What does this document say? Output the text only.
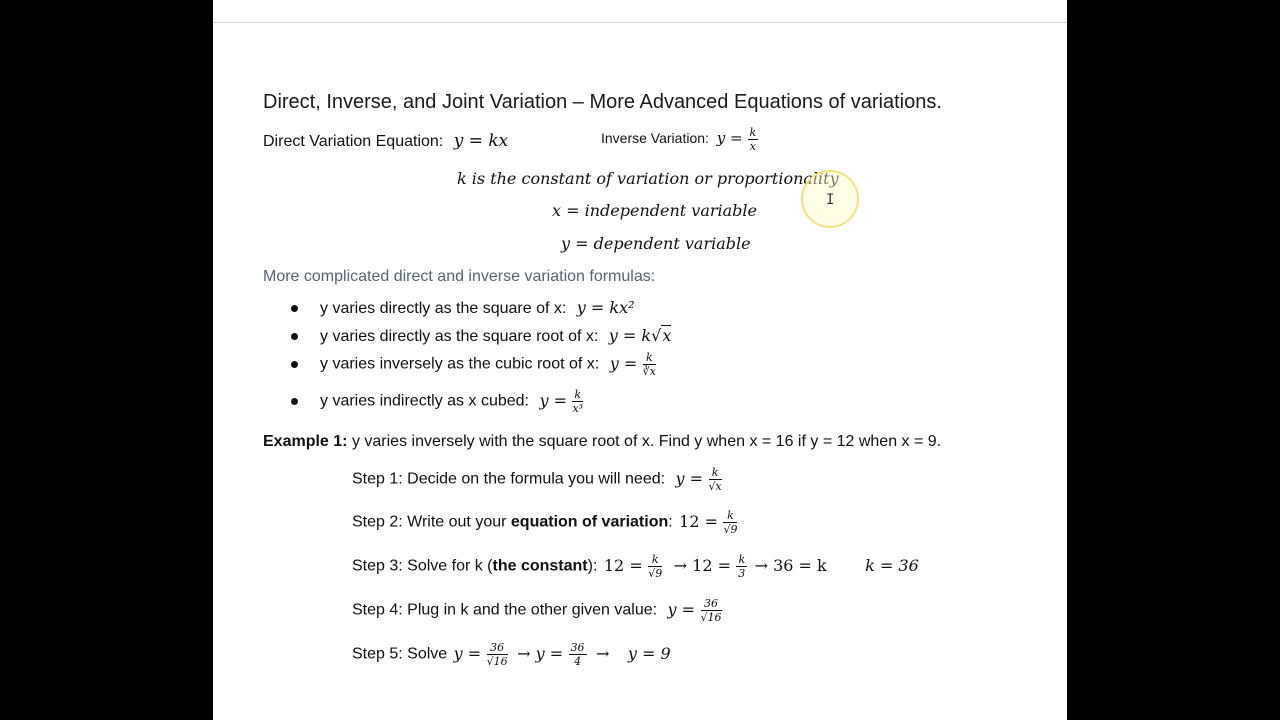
Direct, Inverse, and Joint Variation – More Advanced Equations of variations.
Direct Variation Equation: y = kx	Inverse Variation: $y = \frac{k}{x}$
k is the constant of variation or proportionality
x = independent variable
y = dependent variable
More complicated direct and inverse variation formulas:
y varies directly as the square of x: y = kx²
y varies directly as the square root of x: y = k√x
y varies inversely as the cubic root of x: $y = \frac{k}{∛x}$
y varies indirectly as x cubed: $y = \frac{k}{\text{x³}}$
Example 1: y varies inversely with the square root of x. Find y when x = 16 if y = 12 when x = 9.
Step 1: Decide on the formula you will need: $y = \frac{k}{√x}$
Step 2: Write out your equation of variation: $12 = \frac{k}{√9}$
Step 3: Solve for k (the constant): $12 = \frac{k}{√9} \to 12 = \frac{k}{3} \to 36 = k$ k = 36
Step 4: Plug in k and the other given value: $y = \frac{36}{√16}$
Step 5: Solve $y = \frac{36}{√16} \to y = \frac{36}{4} \to y = 9$
I
